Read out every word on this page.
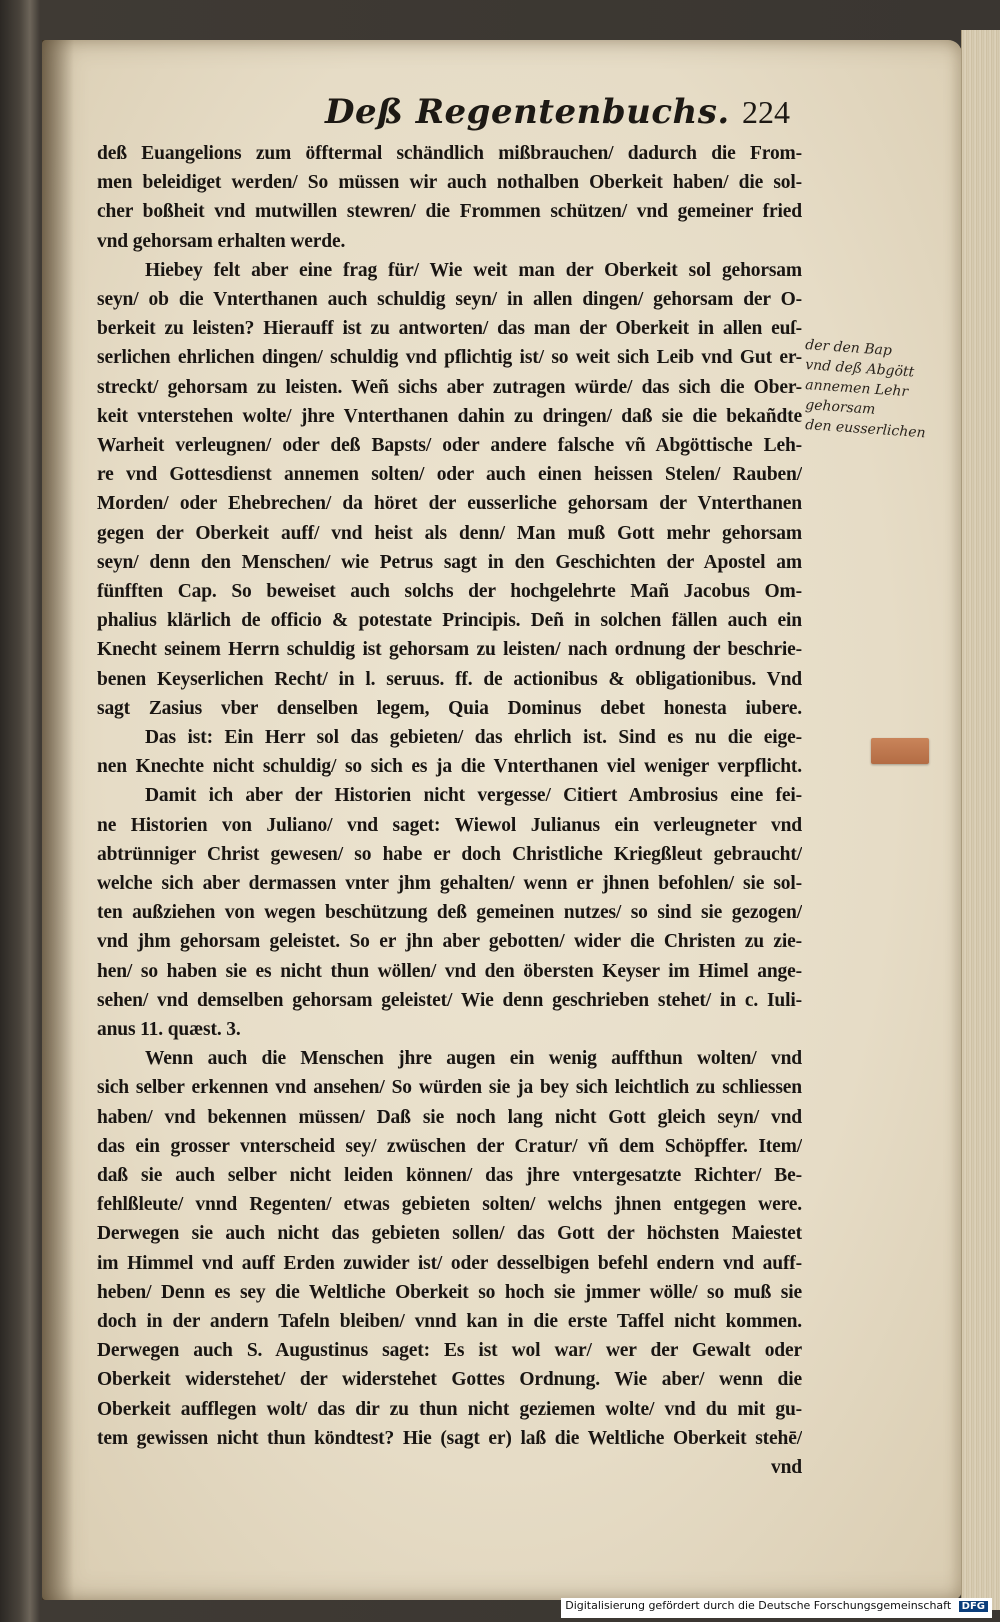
Deß Regentenbuchs. 224
deß Euangelions zum öfftermal schändlich mißbrauchen/ dadurch die From-
men beleidiget werden/ So müssen wir auch nothalben Oberkeit haben/ die sol-
cher boßheit vnd mutwillen stewren/ die Frommen schützen/ vnd gemeiner fried
vnd gehorsam erhalten werde.
Hiebey felt aber eine frag für/ Wie weit man der Oberkeit sol gehorsam
seyn/ ob die Vnterthanen auch schuldig seyn/ in allen dingen/ gehorsam der O-
berkeit zu leisten? Hierauff ist zu antworten/ das man der Oberkeit in allen euſ-
serlichen ehrlichen dingen/ schuldig vnd pflichtig ist/ so weit sich Leib vnd Gut er-
streckt/ gehorsam zu leisten. Weñ sichs aber zutragen würde/ das sich die Ober-
keit vnterstehen wolte/ jhre Vnterthanen dahin zu dringen/ daß sie die bekañdte
Warheit verleugnen/ oder deß Bapsts/ oder andere falsche vñ Abgöttische Leh-
re vnd Gottesdienst annemen solten/ oder auch einen heissen Stelen/ Rauben/
Morden/ oder Ehebrechen/ da höret der eusserliche gehorsam der Vnterthanen
gegen der Oberkeit auff/ vnd heist als denn/ Man muß Gott mehr gehorsam
seyn/ denn den Menschen/ wie Petrus sagt in den Geschichten der Apostel am
fünfften Cap. So beweiset auch solchs der hochgelehrte Mañ Jacobus Om-
phalius klärlich de officio & potestate Principis. Deñ in solchen fällen auch ein
Knecht seinem Herrn schuldig ist gehorsam zu leisten/ nach ordnung der beschrie-
benen Keyserlichen Recht/ in l. seruus. ff. de actionibus & obligationibus. Vnd
sagt Zasius vber denselben legem, Quia Dominus debet honesta iubere.
Das ist: Ein Herr sol das gebieten/ das ehrlich ist. Sind es nu die eige-
nen Knechte nicht schuldig/ so sich es ja die Vnterthanen viel weniger verpflicht.
Damit ich aber der Historien nicht vergesse/ Citiert Ambrosius eine fei-
ne Historien von Juliano/ vnd saget: Wiewol Julianus ein verleugneter vnd
abtrünniger Christ gewesen/ so habe er doch Christliche Kriegßleut gebraucht/
welche sich aber dermassen vnter jhm gehalten/ wenn er jhnen befohlen/ sie sol-
ten außziehen von wegen beschützung deß gemeinen nutzes/ so sind sie gezogen/
vnd jhm gehorsam geleistet. So er jhn aber gebotten/ wider die Christen zu zie-
hen/ so haben sie es nicht thun wöllen/ vnd den öbersten Keyser im Himel ange-
sehen/ vnd demselben gehorsam geleistet/ Wie denn geschrieben stehet/ in c. Iuli-
anus 11. quæst. 3.
Wenn auch die Menschen jhre augen ein wenig auffthun wolten/ vnd
sich selber erkennen vnd ansehen/ So würden sie ja bey sich leichtlich zu schliessen
haben/ vnd bekennen müssen/ Daß sie noch lang nicht Gott gleich seyn/ vnd
das ein grosser vnterscheid sey/ zwüschen der Cratur/ vñ dem Schöpffer. Item/
daß sie auch selber nicht leiden können/ das jhre vntergesatzte Richter/ Be-
fehlßleute/ vnnd Regenten/ etwas gebieten solten/ welchs jhnen entgegen were.
Derwegen sie auch nicht das gebieten sollen/ das Gott der höchsten Maiestet
im Himmel vnd auff Erden zuwider ist/ oder desselbigen befehl endern vnd auff-
heben/ Denn es sey die Weltliche Oberkeit so hoch sie jmmer wölle/ so muß sie
doch in der andern Tafeln bleiben/ vnnd kan in die erste Taffel nicht kommen.
Derwegen auch S. Augustinus saget: Es ist wol war/ wer der Gewalt oder
Oberkeit widerstehet/ der widerstehet Gottes Ordnung. Wie aber/ wenn die
Oberkeit aufflegen wolt/ das dir zu thun nicht geziemen wolte/ vnd du mit gu-
tem gewissen nicht thun köndtest? Hie (sagt er) laß die Weltliche Oberkeit stehē/
vnd
der den Bap
vnd deß Abgött
annemen Lehr
gehorsam
den eusserlichen
Digitalisierung gefördert durch die Deutsche Forschungsgemeinschaft DFG
